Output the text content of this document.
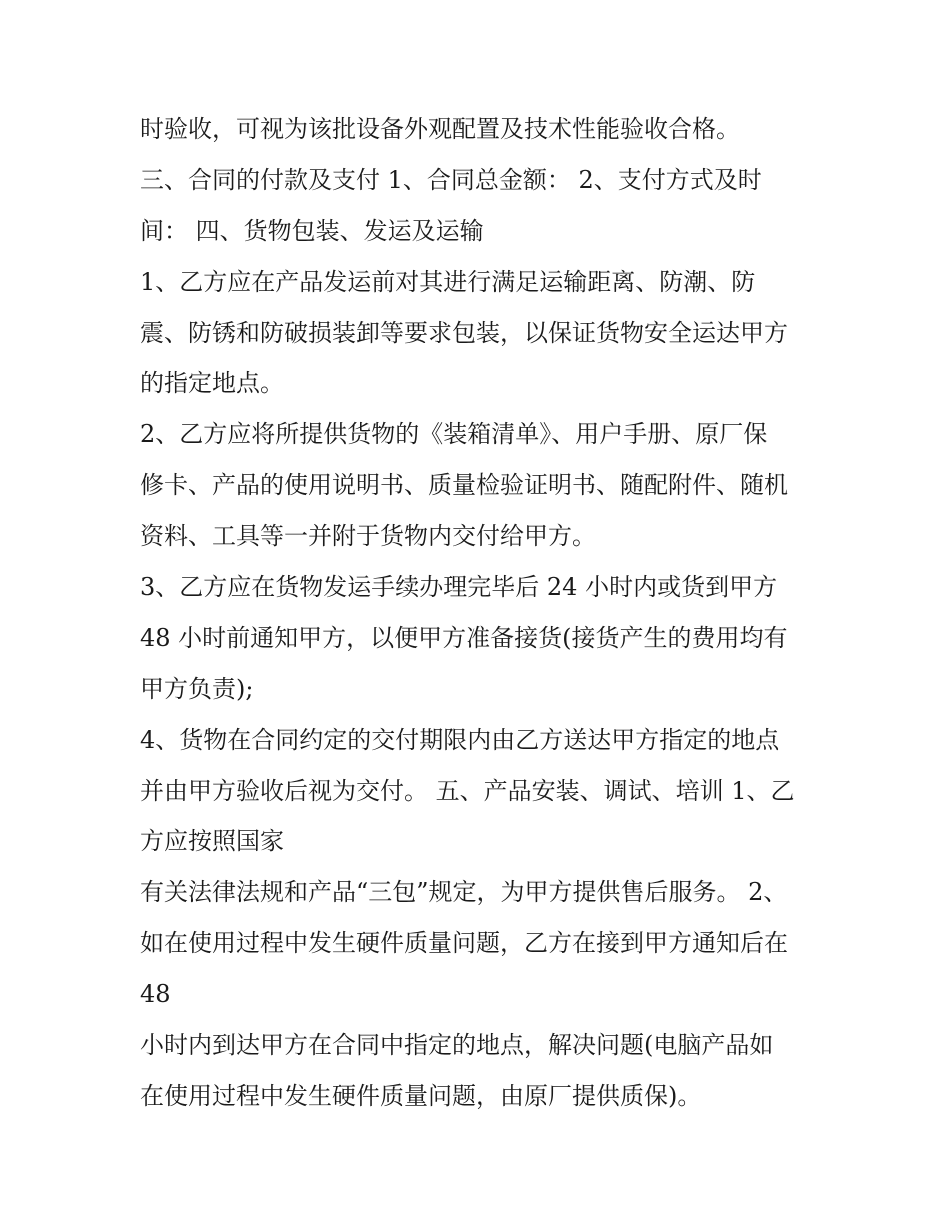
时验收，可视为该批设备外观配置及技术性能验收合格。
三、合同的付款及支付 1、合同总金额： 2、支付方式及时
间： 四、货物包装、发运及运输
1、乙方应在产品发运前对其进行满足运输距离、防潮、防
震、防锈和防破损装卸等要求包装，以保证货物安全运达甲方
的指定地点。
2、乙方应将所提供货物的《装箱清单》、用户手册、原厂保
修卡、产品的使用说明书、质量检验证明书、随配附件、随机
资料、工具等一并附于货物内交付给甲方。
3、乙方应在货物发运手续办理完毕后 24 小时内或货到甲方
48 小时前通知甲方，以便甲方准备接货(接货产生的费用均有
甲方负责);
4、货物在合同约定的交付期限内由乙方送达甲方指定的地点
并由甲方验收后视为交付。 五、产品安装、调试、培训 1、乙
方应按照国家
有关法律法规和产品“三包”规定，为甲方提供售后服务。 2、
如在使用过程中发生硬件质量问题，乙方在接到甲方通知后在
48
小时内到达甲方在合同中指定的地点，解决问题(电脑产品如
在使用过程中发生硬件质量问题，由原厂提供质保)。
